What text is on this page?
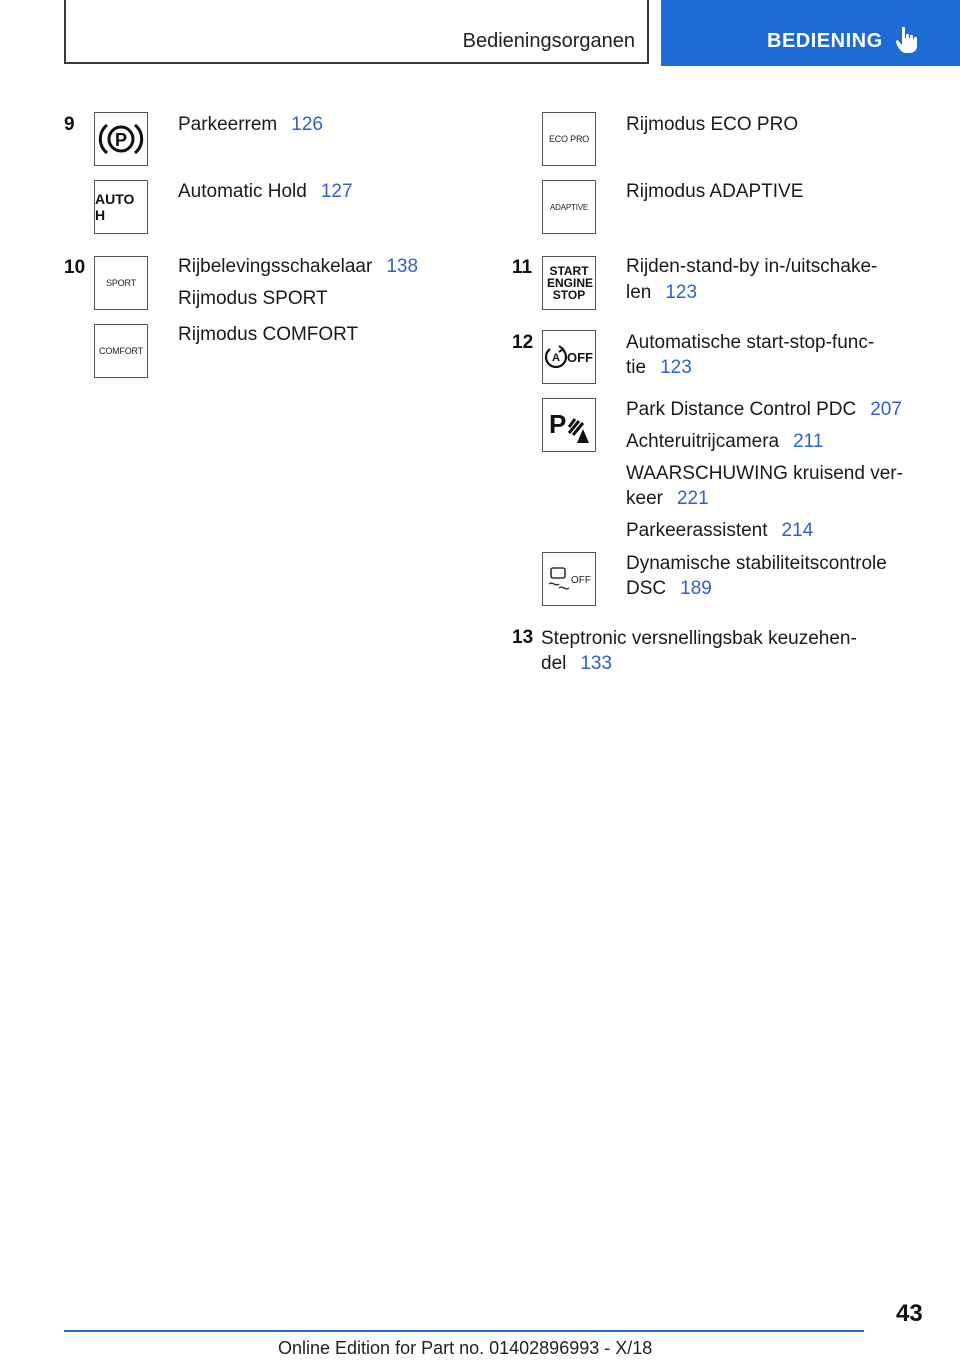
Bedieningsorganen	BEDIENING
9
P
Parkeerrem 126
AUTO H
Automatic Hold 127
10
SPORT
Rijbelevingsschakelaar 138
Rijmodus SPORT
COMFORT
Rijmodus COMFORT
ECO PRO
Rijmodus ECO PRO
ADAPTIVE
Rijmodus ADAPTIVE
11 START ENGINE STOP
Rijden-stand-by in-/uitschake-
len 123
12
A OFF
Automatische start-stop-func-
tie 123
P	Park Distance Control PDC 207
Achteruitrijcamera 211
WAARSCHUWING kruisend ver-
keer 221
Parkeerassistent 214
OFF
Dynamische stabiliteitscontrole
DSC 189
13 Steptronic versnellingsbak keuzehen-
del 133
43
Online Edition for Part no. 01402896993 - X/18
